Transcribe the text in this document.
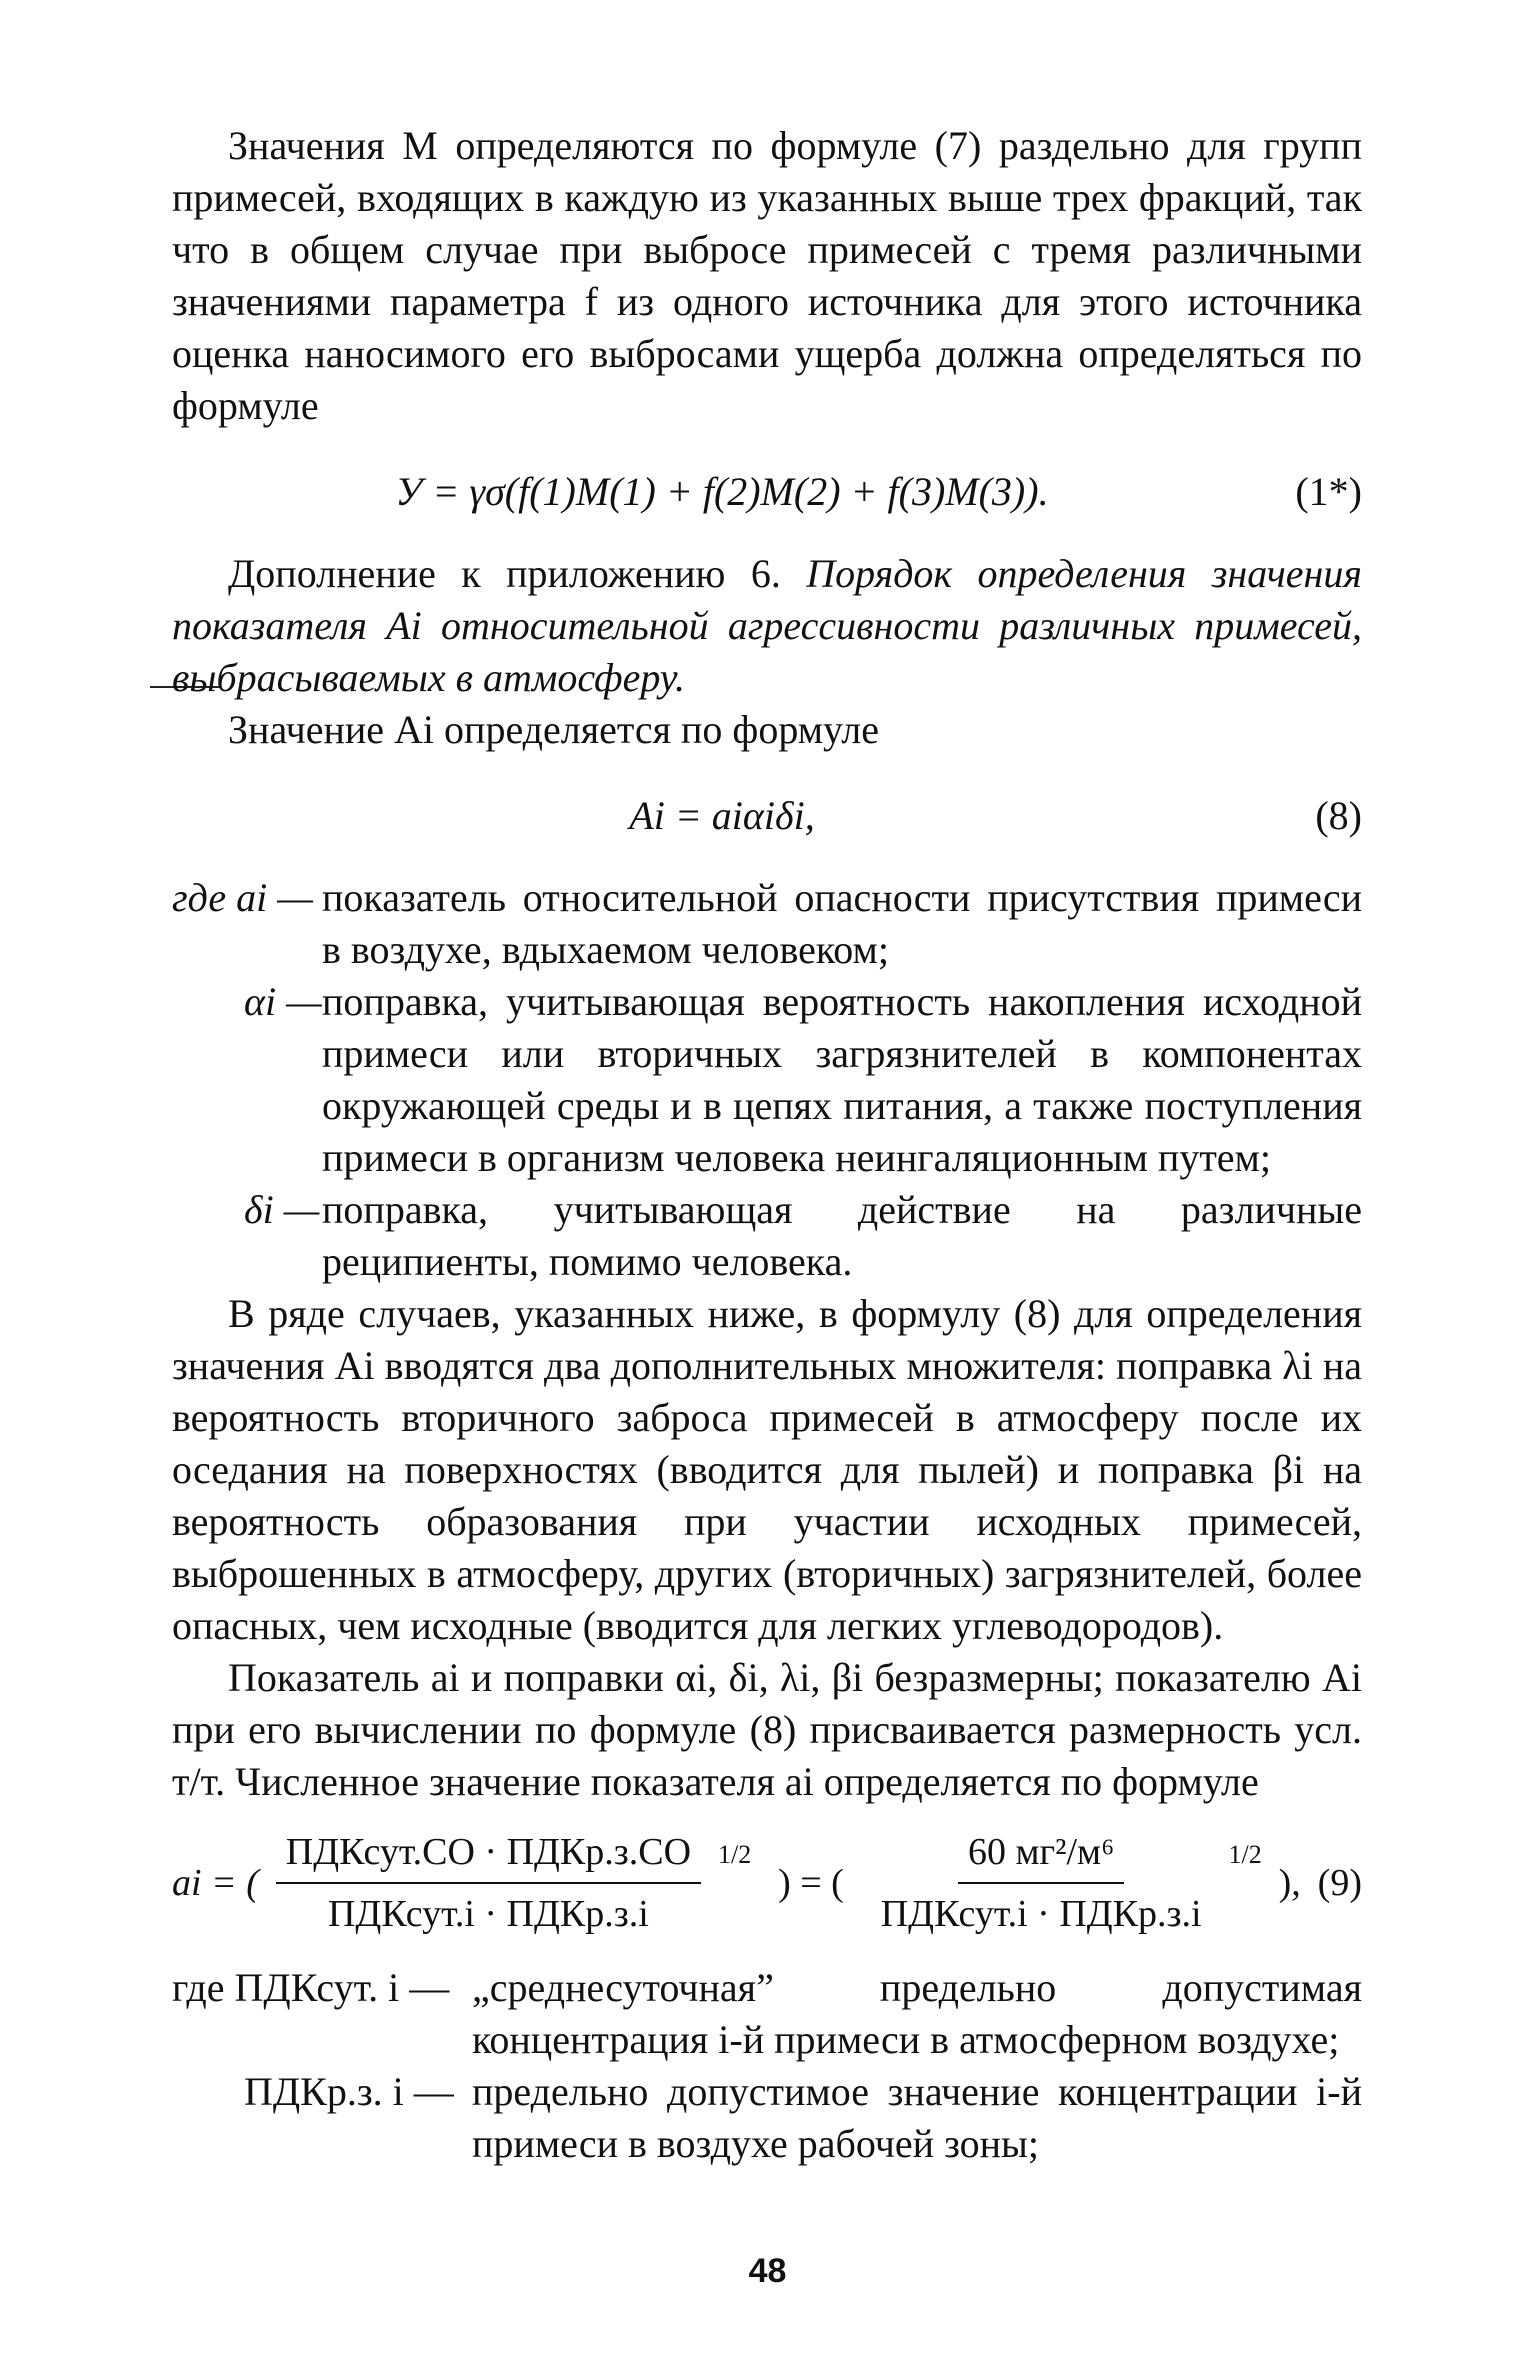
Значения M определяются по формуле (7) раздельно для групп примесей, входящих в каждую из указанных выше трех фракций, так что в общем случае при выбросе примесей с тремя различными значениями параметра f из одного источника для этого источника оценка наносимого его выбросами ущерба должна определяться по формуле

У = γσ(f(1)M(1) + f(2)M(2) + f(3)M(3)).	(1*)

Дополнение к приложению 6. Порядок определения значения показателя Ai относительной агрессивности различных примесей, выбрасываемых в атмосферу.

Значение Ai определяется по формуле

Ai = aiαiδi,	(8)
где ai — показатель относительной опасности присутствия примеси в воздухе, вдыхаемом человеком;
αi — поправка, учитывающая вероятность накопления исходной примеси или вторичных загрязнителей в компонентах окружающей среды и в цепях питания, а также поступления примеси в организм человека неингаляционным путем;
δi — поправка, учитывающая действие на различные реципиенты, помимо человека.

В ряде случаев, указанных ниже, в формулу (8) для определения значения Ai вводятся два дополнительных множителя: поправка λi на вероятность вторичного заброса примесей в атмосферу после их оседания на поверхностях (вводится для пылей) и поправка βi на вероятность образования при участии исходных примесей, выброшенных в атмосферу, других (вторичных) загрязнителей, более опасных, чем исходные (вводится для легких углеводородов).

Показатель ai и поправки αi, δi, λi, βi безразмерны; показателю Ai при его вычислении по формуле (8) присваивается размерность усл. т/т. Численное значение показателя ai определяется по формуле

ai = ( $\frac{\text{ПДКсут.СО · ПДКр.з.СО}}{\text{ПДКсут.i · ПДКр.з.i}} 1/2$
) = ( $\frac{\text{60 мг²/м⁶}}{\text{ПДКсут.i · ПДКр.з.i}} 1/2$
), (9)
где ПДКсут. i — „среднесуточная” предельно допустимая концентрация i-й примеси в атмосферном воздухе;
ПДКр.з. i — предельно допустимое значение концентрации i-й примеси в воздухе рабочей зоны;
48
